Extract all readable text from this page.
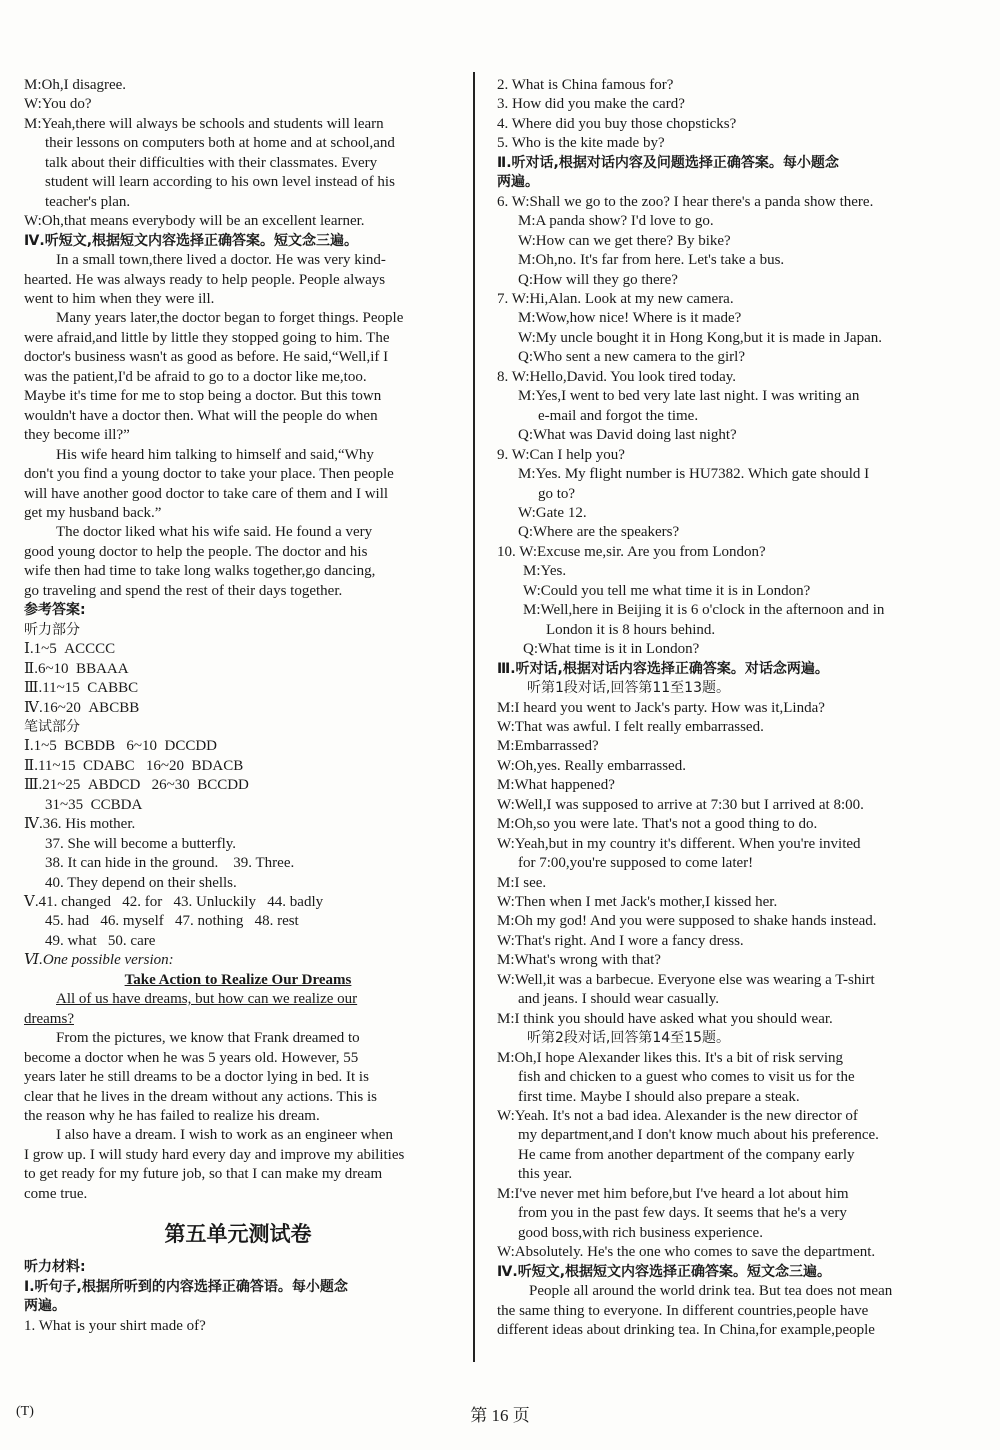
M:Oh,I disagree.
W:You do?
M:Yeah,there will always be schools and students will learn
their lessons on computers both at home and at school,and
talk about their difficulties with their classmates. Every
student will learn according to his own level instead of his
teacher's plan.
W:Oh,that means everybody will be an excellent learner.
Ⅳ.听短文,根据短文内容选择正确答案。短文念三遍。
In a small town,there lived a doctor. He was very kind-
hearted. He was always ready to help people. People always
went to him when they were ill.
Many years later,the doctor began to forget things. People
were afraid,and little by little they stopped going to him. The
doctor's business wasn't as good as before. He said,“Well,if I
was the patient,I'd be afraid to go to a doctor like me,too.
Maybe it's time for me to stop being a doctor. But this town
wouldn't have a doctor then. What will the people do when
they become ill?”
His wife heard him talking to himself and said,“Why
don't you find a young doctor to take your place. Then people
will have another good doctor to take care of them and I will
get my husband back.”
The doctor liked what his wife said. He found a very
good young doctor to help the people. The doctor and his
wife then had time to take long walks together,go dancing,
go traveling and spend the rest of their days together.
参考答案:
听力部分
Ⅰ.1~5  ACCCC
Ⅱ.6~10  BBAAA
Ⅲ.11~15  CABBC
Ⅳ.16~20  ABCBB
笔试部分
Ⅰ.1~5  BCBDB   6~10  DCCDD
Ⅱ.11~15  CDABC   16~20  BDACB
Ⅲ.21~25  ABDCD   26~30  BCCDD
31~35  CCBDA
Ⅳ.36. His mother.
37. She will become a butterfly.
38. It can hide in the ground.    39. Three.
40. They depend on their shells.
Ⅴ.41. changed   42. for   43. Unluckily   44. badly
45. had   46. myself   47. nothing   48. rest
49. what   50. care
Ⅵ.One possible version:
Take Action to Realize Our Dreams
All of us have dreams, but how can we realize our
dreams?
From the pictures, we know that Frank dreamed to
become a doctor when he was 5 years old. However, 55
years later he still dreams to be a doctor lying in bed. It is
clear that he lives in the dream without any actions. This is
the reason why he has failed to realize his dream.
I also have a dream. I wish to work as an engineer when
I grow up. I will study hard every day and improve my abilities
to get ready for my future job, so that I can make my dream
come true.
第五单元测试卷
听力材料:
Ⅰ.听句子,根据所听到的内容选择正确答语。每小题念
两遍。
1. What is your shirt made of?
2. What is China famous for?
3. How did you make the card?
4. Where did you buy those chopsticks?
5. Who is the kite made by?
Ⅱ.听对话,根据对话内容及问题选择正确答案。每小题念
两遍。
6. W:Shall we go to the zoo? I hear there's a panda show there.
M:A panda show? I'd love to go.
W:How can we get there? By bike?
M:Oh,no. It's far from here. Let's take a bus.
Q:How will they go there?
7. W:Hi,Alan. Look at my new camera.
M:Wow,how nice! Where is it made?
W:My uncle bought it in Hong Kong,but it is made in Japan.
Q:Who sent a new camera to the girl?
8. W:Hello,David. You look tired today.
M:Yes,I went to bed very late last night. I was writing an
e-mail and forgot the time.
Q:What was David doing last night?
9. W:Can I help you?
M:Yes. My flight number is HU7382. Which gate should I
go to?
W:Gate 12.
Q:Where are the speakers?
10. W:Excuse me,sir. Are you from London?
M:Yes.
W:Could you tell me what time it is in London?
M:Well,here in Beijing it is 6 o'clock in the afternoon and in
London it is 8 hours behind.
Q:What time is it in London?
Ⅲ.听对话,根据对话内容选择正确答案。对话念两遍。
听第1段对话,回答第11至13题。
M:I heard you went to Jack's party. How was it,Linda?
W:That was awful. I felt really embarrassed.
M:Embarrassed?
W:Oh,yes. Really embarrassed.
M:What happened?
W:Well,I was supposed to arrive at 7:30 but I arrived at 8:00.
M:Oh,so you were late. That's not a good thing to do.
W:Yeah,but in my country it's different. When you're invited
for 7:00,you're supposed to come later!
M:I see.
W:Then when I met Jack's mother,I kissed her.
M:Oh my god! And you were supposed to shake hands instead.
W:That's right. And I wore a fancy dress.
M:What's wrong with that?
W:Well,it was a barbecue. Everyone else was wearing a T-shirt
and jeans. I should wear casually.
M:I think you should have asked what you should wear.
听第2段对话,回答第14至15题。
M:Oh,I hope Alexander likes this. It's a bit of risk serving
fish and chicken to a guest who comes to visit us for the
first time. Maybe I should also prepare a steak.
W:Yeah. It's not a bad idea. Alexander is the new director of
my department,and I don't know much about his preference.
He came from another department of the company early
this year.
M:I've never met him before,but I've heard a lot about him
from you in the past few days. It seems that he's a very
good boss,with rich business experience.
W:Absolutely. He's the one who comes to save the department.
Ⅳ.听短文,根据短文内容选择正确答案。短文念三遍。
People all around the world drink tea. But tea does not mean
the same thing to everyone. In different countries,people have
different ideas about drinking tea. In China,for example,people
(T)	第 16 页
